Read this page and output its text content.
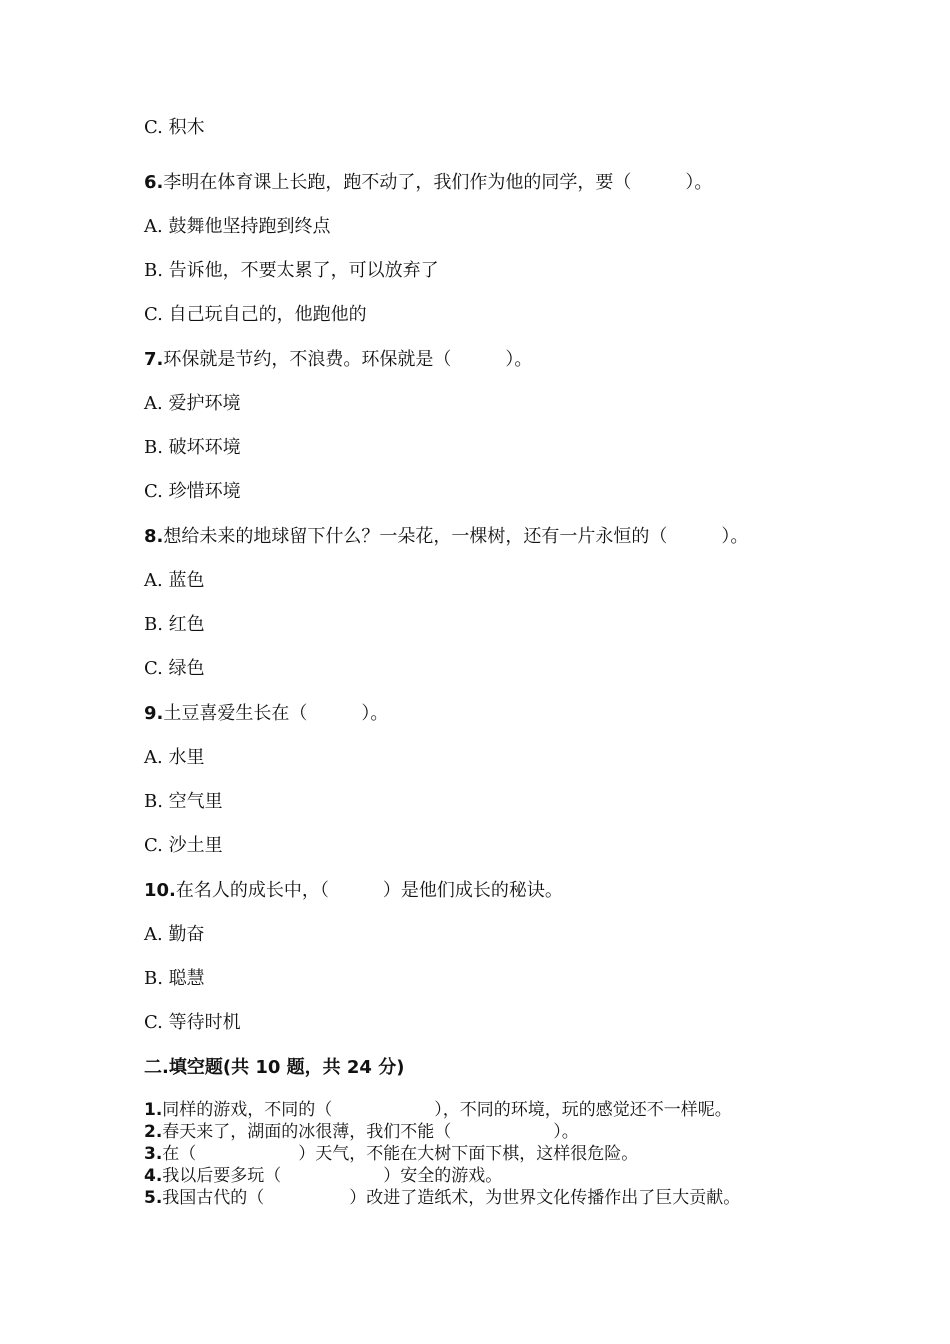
C. 积木
6.李明在体育课上长跑，跑不动了，我们作为他的同学，要（　　　）。
A. 鼓舞他坚持跑到终点
B. 告诉他，不要太累了，可以放弃了
C. 自己玩自己的，他跑他的
7.环保就是节约，不浪费。环保就是（　　　）。
A. 爱护环境
B. 破坏环境
C. 珍惜环境
8.想给未来的地球留下什么？一朵花，一棵树，还有一片永恒的（　　　）。
A. 蓝色
B. 红色
C. 绿色
9.土豆喜爱生长在（　　　）。
A. 水里
B. 空气里
C. 沙土里
10.在名人的成长中，（　　　）是他们成长的秘诀。
A. 勤奋
B. 聪慧
C. 等待时机
二.填空题(共 10 题，共 24 分)
1.同样的游戏，不同的（　　　　　　），不同的环境，玩的感觉还不一样呢。
2.春天来了，湖面的冰很薄，我们不能（　　　　　　）。
3.在（　　　　　　）天气，不能在大树下面下棋，这样很危险。
4.我以后要多玩（　　　　　　）安全的游戏。
5.我国古代的（　　　　　）改进了造纸术，为世界文化传播作出了巨大贡献。
